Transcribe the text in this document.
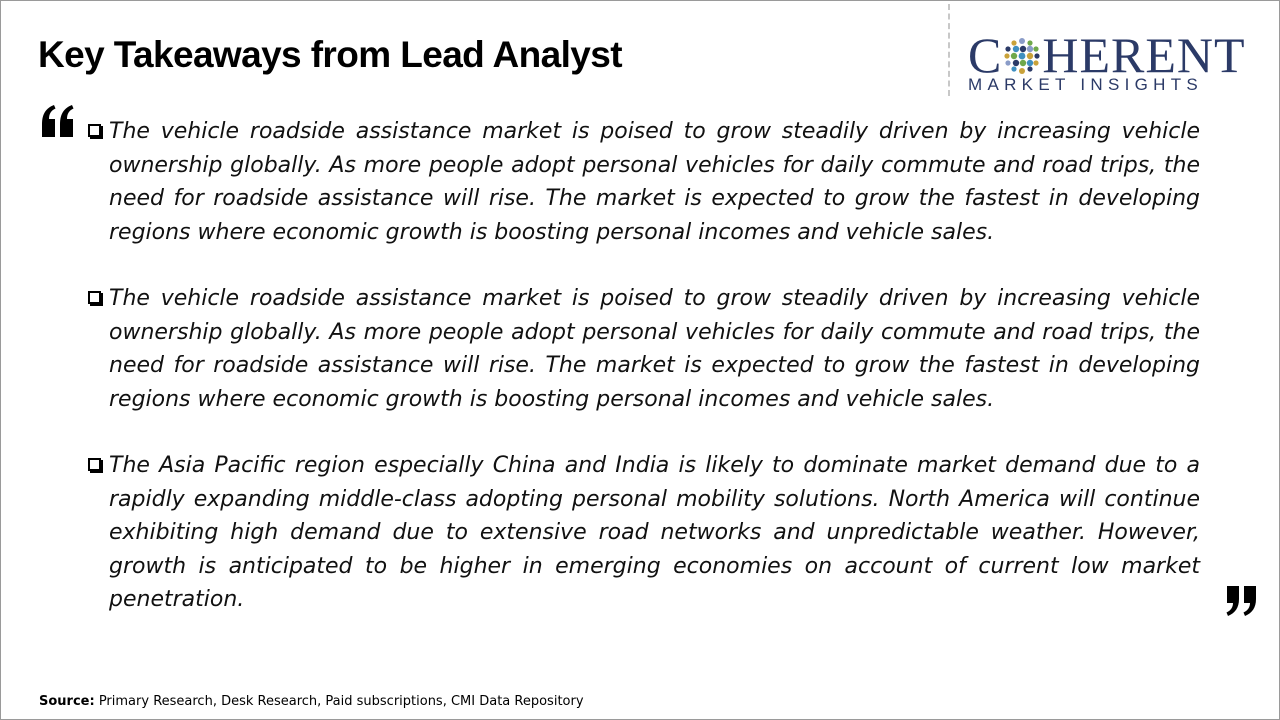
Key Takeaways from Lead Analyst	C HERENT
MARKET INSIGHTS
The vehicle roadside assistance market is poised to grow steadily driven by increasing vehicle ownership globally. As more people adopt personal vehicles for daily commute and road trips, the need for roadside assistance will rise. The market is expected to grow the fastest in developing regions where economic growth is boosting personal incomes and vehicle sales.
The vehicle roadside assistance market is poised to grow steadily driven by increasing vehicle ownership globally. As more people adopt personal vehicles for daily commute and road trips, the need for roadside assistance will rise. The market is expected to grow the fastest in developing regions where economic growth is boosting personal incomes and vehicle sales.
The Asia Pacific region especially China and India is likely to dominate market demand due to a rapidly expanding middle-class adopting personal mobility solutions. North America will continue exhibiting high demand due to extensive road networks and unpredictable weather. However, growth is anticipated to be higher in emerging economies on account of current low market penetration.
Source: Primary Research, Desk Research, Paid subscriptions, CMI Data Repository
